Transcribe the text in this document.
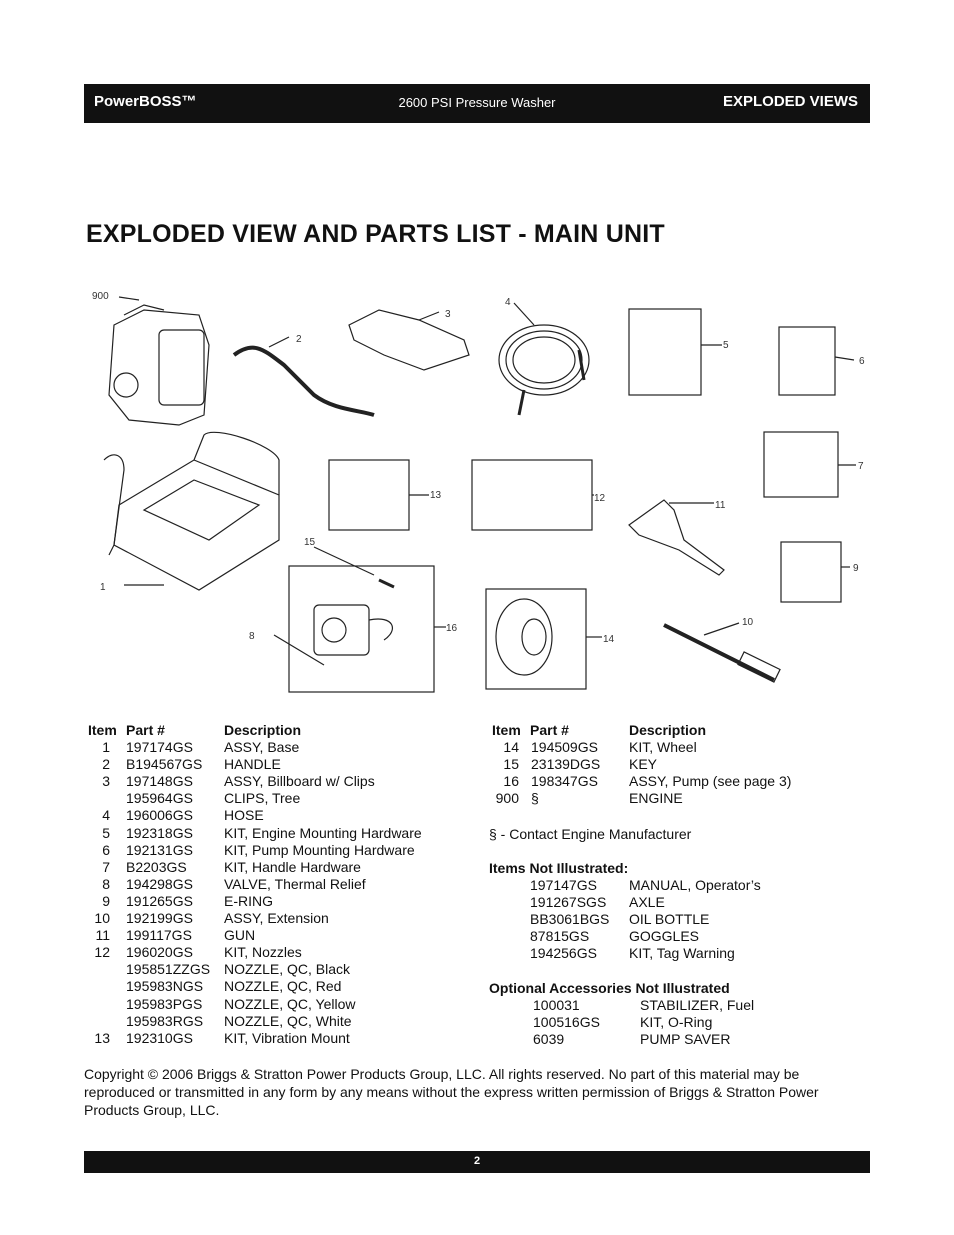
PowerBOSS™	2600 PSI Pressure Washer	EXPLODED VIEWS
EXPLODED VIEW AND PARTS LIST - MAIN UNIT
900
2
3
4
5
6
7
13	12
11
9
1
15
8
16
14
10
Item Part #	Description
1 197174GS ASSY, Base
2 B194567GS HANDLE
3 197148GS ASSY, Billboard w/ Clips
195964GS CLIPS, Tree
4 196006GS HOSE
5 192318GS KIT, Engine Mounting Hardware
6 192131GS KIT, Pump Mounting Hardware
7 B2203GS	KIT, Handle Hardware
8 194298GS VALVE, Thermal Relief
9 191265GS E-RING
10 192199GS ASSY, Extension
11 199117GS GUN
12 196020GS KIT, Nozzles
195851ZZGS NOZZLE, QC, Black
195983NGS NOZZLE, QC, Red
195983PGS NOZZLE, QC, Yellow
195983RGS NOZZLE, QC, White
13 192310GS KIT, Vibration Mount
Item Part #	Description
14 194509GS KIT, Wheel
15 23139DGS KEY
16 198347GS ASSY, Pump (see page 3)
900 §	ENGINE
§ - Contact Engine Manufacturer
Items Not Illustrated:
197147GS MANUAL, Operator’s
191267SGS AXLE
BB3061BGS OIL BOTTLE
87815GS	GOGGLES
194256GS KIT, Tag Warning
Optional Accessories Not Illustrated
100031	STABILIZER, Fuel
100516GS	KIT, O-Ring
6039	PUMP SAVER
Copyright © 2006 Briggs & Stratton Power Products Group, LLC. All rights reserved. No part of this material may be reproduced or transmitted in any form by any means without the express written permission of Briggs & Stratton Power Products Group, LLC.
2
